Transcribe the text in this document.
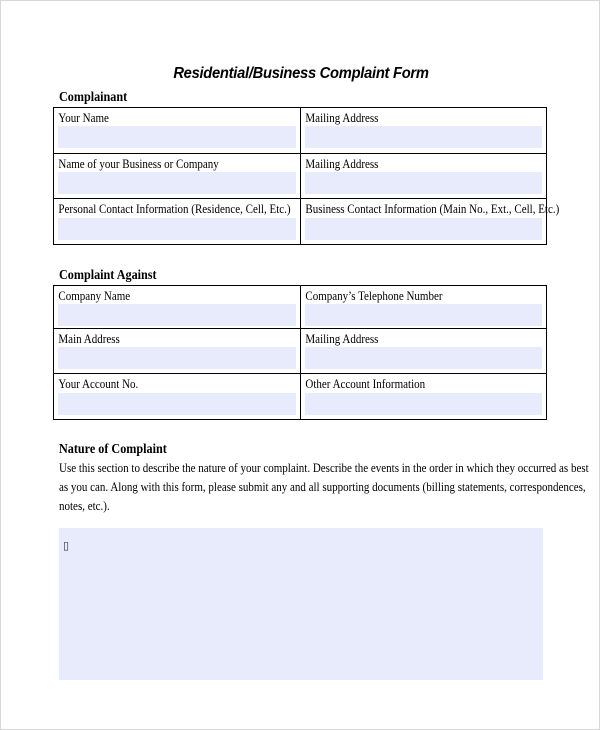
Residential/Business Complaint Form
Complainant
Your Name	Mailing Address

Name of your Business or Company	Mailing Address

Personal Contact Information (Residence, Cell, Etc.)	Business Contact Information (Main No., Ext., Cell, Etc.)
Complaint Against
Company Name	Company’s Telephone Number

Main Address	Mailing Address

Your Account No.	Other Account Information
Nature of Complaint
Use this section to describe the nature of your complaint. Describe the events in the order in which they occurred as best
as you can. Along with this form, please submit any and all supporting documents (billing statements, correspondences,
notes, etc.).
▯
